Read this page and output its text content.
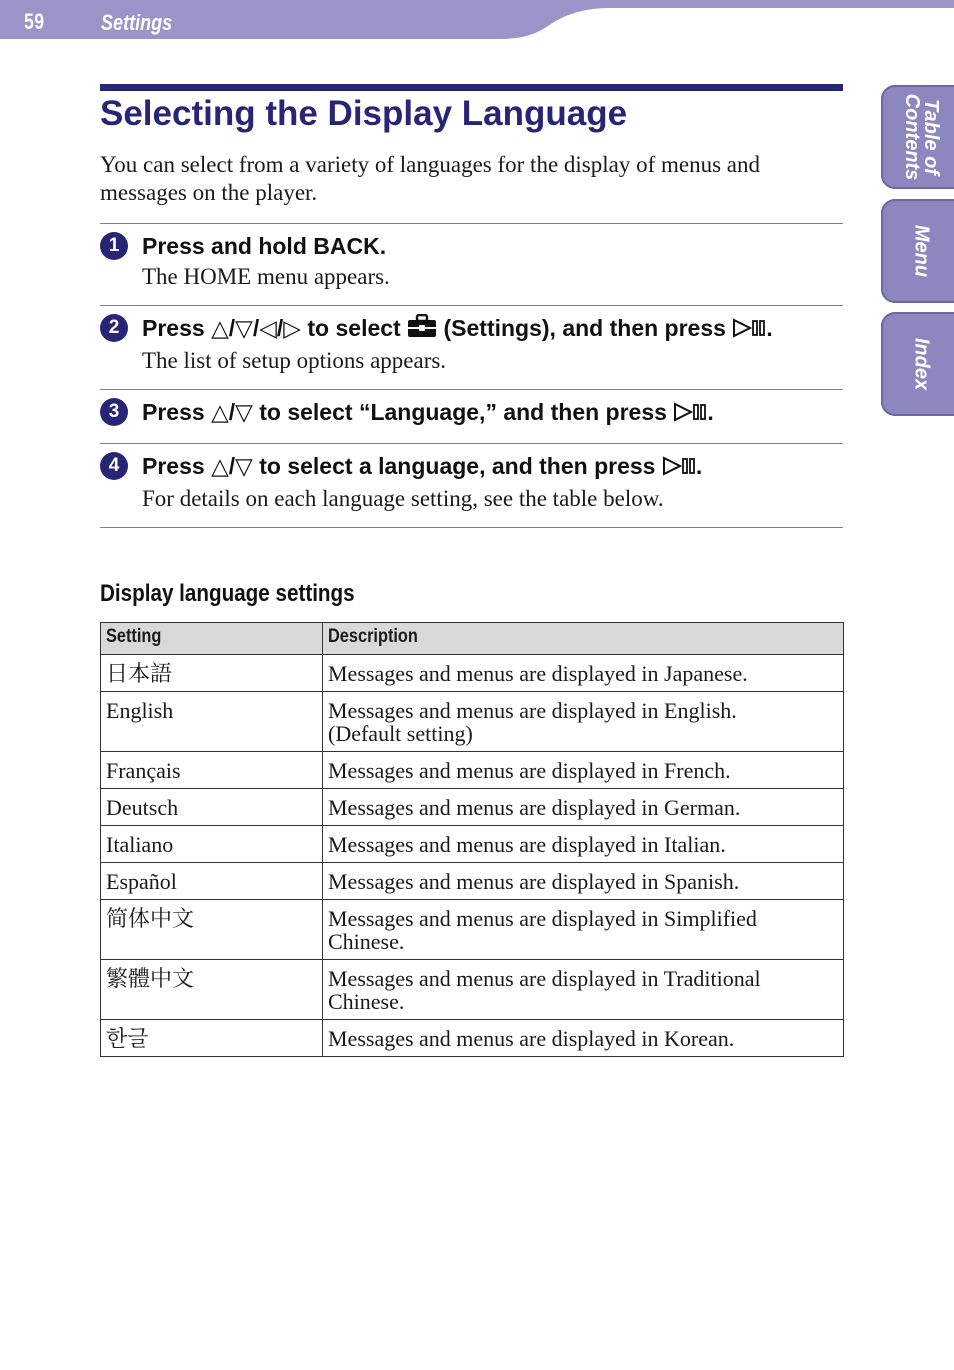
59	Settings
Table of
Contents
Menu
Index
Selecting the Display Language

You can select from a variety of languages for the display of menus and messages on the player.

1 Press and hold BACK.
The HOME menu appears.
2 Press △/▽/◁/▷ to select (Settings), and then press .
The list of setup options appears.
3 Press △/▽ to select “Language,” and then press .
4 Press △/▽ to select a language, and then press .
For details on each language setting, see the table below.
Display language settings
Setting	Description
日本語	Messages and menus are displayed in Japanese.
English	Messages and menus are displayed in English.
(Default setting)
Français	Messages and menus are displayed in French.
Deutsch	Messages and menus are displayed in German.
Italiano	Messages and menus are displayed in Italian.
Español	Messages and menus are displayed in Spanish.
简体中文	Messages and menus are displayed in Simplified Chinese.
繁體中文	Messages and menus are displayed in Traditional Chinese.
한글	Messages and menus are displayed in Korean.
